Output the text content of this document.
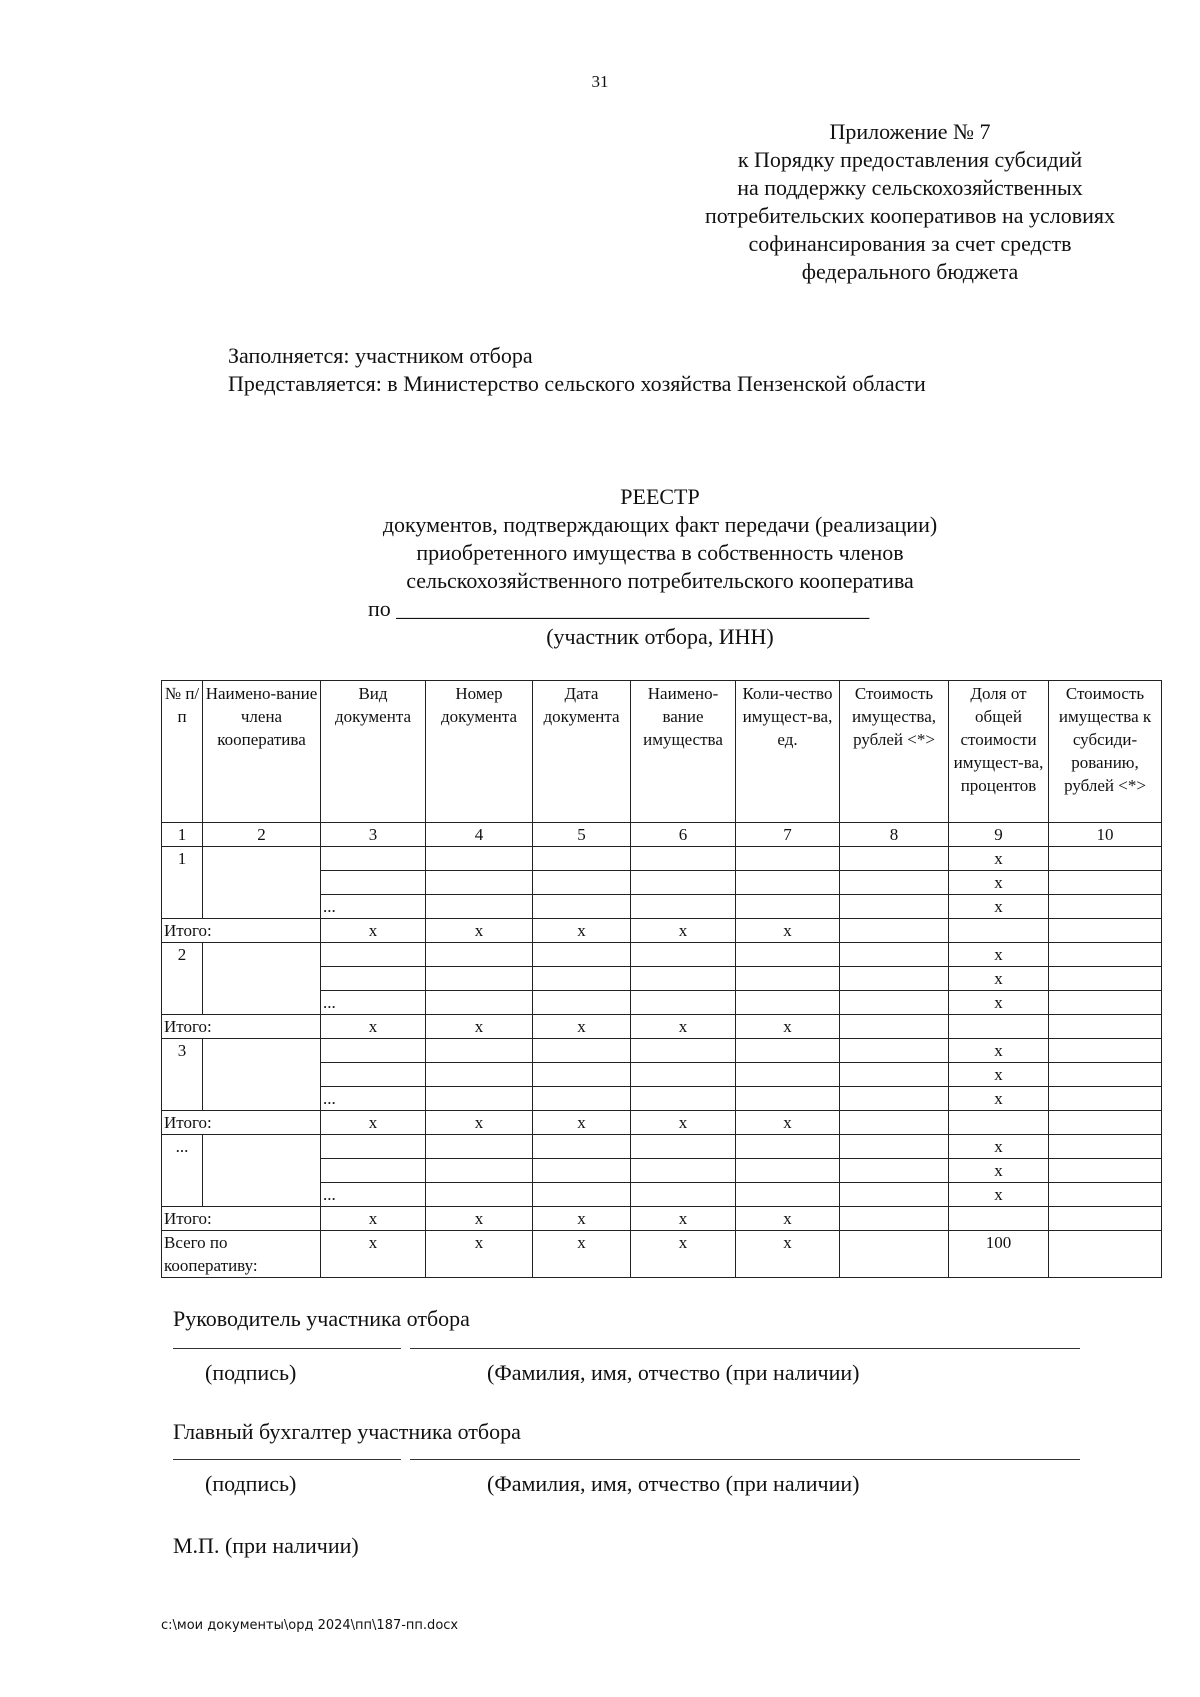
31
Приложение № 7
к Порядку предоставления субсидий
на поддержку сельскохозяйственных
потребительских кооперативов на условиях
софинансирования за счет средств
федерального бюджета
Заполняется: участником отбора
Представляется: в Министерство сельского хозяйства Пензенской области
РЕЕСТР
документов, подтверждающих факт передачи (реализации)
приобретенного имущества в собственность членов
сельскохозяйственного потребительского кооператива
по ___________________________________________
(участник отбора, ИНН)
№ п/п	Наимено-вание члена кооператива	Вид документа	Номер документа	Дата документа	Наимено-вание имущества	Коли-чество имущест-ва, ед.	Стоимость имущества, рублей <*>	Доля от общей стоимости имущест-ва, процентов	Стоимость имущества к субсиди-рованию, рублей <*>
1	2	3	4	5	6	7	8	9	10
1								x	
								x	
		...						x	
Итого:		x	x	x	x	x			
2								x	
								x	
		...						x	
Итого:		x	x	x	x	x			
3								x	
								x	
		...						x	
Итого:		x	x	x	x	x			
...								x	
								x	
		...						x	
Итого:		x	x	x	x	x			
Всего по кооперативу:		x	x	x	x	x		100	
Руководитель участника отбора
(подпись)	(Фамилия, имя, отчество (при наличии)
Главный бухгалтер участника отбора
(подпись)	(Фамилия, имя, отчество (при наличии)
М.П. (при наличии)
c:\мои документы\орд 2024\пп\187-пп.docx
